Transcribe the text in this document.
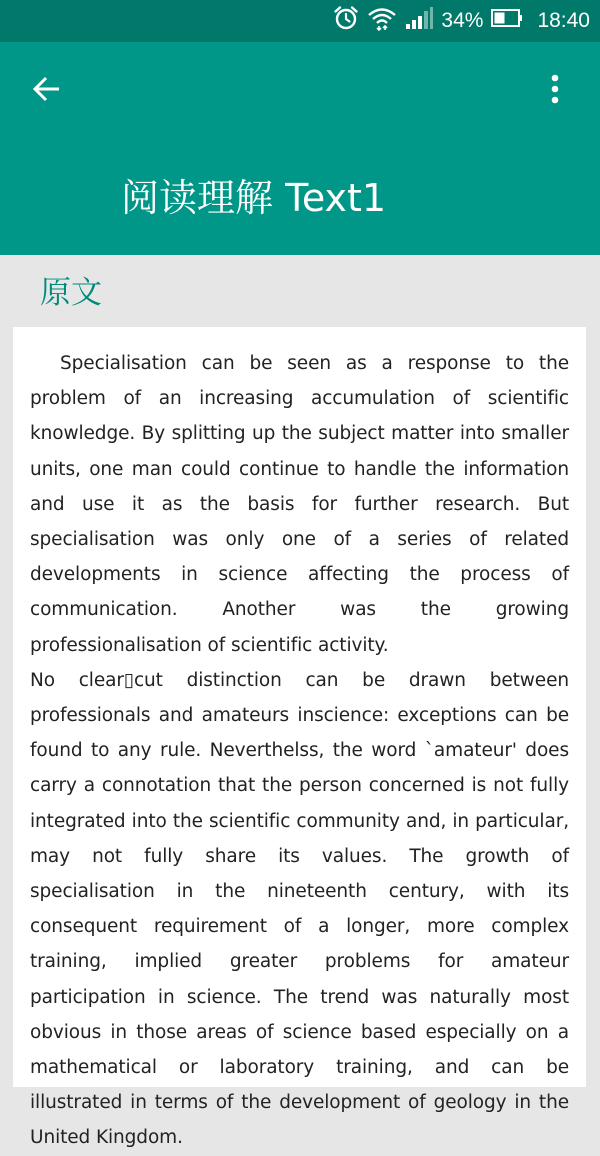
34%	18:40
阅读理解 Text1
原文

Specialisation can be seen as a response to the problem of an increasing accumulation of scientific knowledge. By splitting up the subject matter into smaller units, one man could continue to handle the information and use it as the basis for further research. But specialisation was only one of a series of related developments in science affecting the process of communication. Another was the growing professionalisation of scientific activity.

No clear▯cut distinction can be drawn between professionals and amateurs inscience: exceptions can be found to any rule. Neverthelss, the word `amateur' does carry a connotation that the person concerned is not fully integrated into the scientific community and, in particular, may not fully share its values. The growth of specialisation in the nineteenth century, with its consequent requirement of a longer, more complex training, implied greater problems for amateur participation in science. The trend was naturally most obvious in those areas of science based especially on a mathematical or laboratory training, and can be illustrated in terms of the development of geology in the United Kingdom.
